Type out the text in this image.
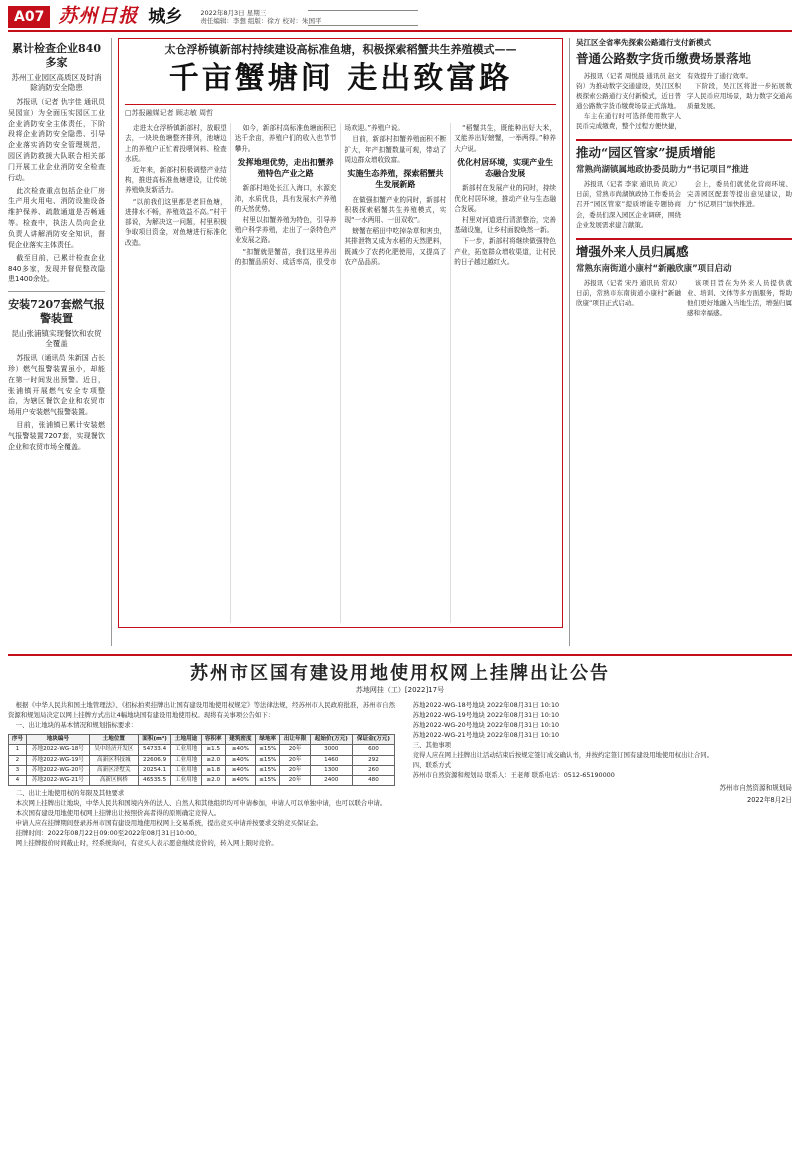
A07 苏州日报 城乡	2022年8月3日 星期三
责任编辑：李想 组版：徐方 校对：朱国平
累计检查企业840多家
苏州工业园区高质区及时消除消防安全隐患

苏报讯（记者 仇宇佳 通讯员 吴园宣）为全面压实园区工业企业消防安全主体责任，下阶段将企业消防安全隐患、引导企业落实消防安全管理规范，园区消防救援大队联合相关部门开展工业企业消防安全检查行动。

此次检查重点包括企业厂房生产用火用电、消防设施设备维护保养、疏散通道是否畅通等。检查中，执法人员向企业负责人讲解消防安全知识，督促企业落实主体责任。

截至目前，已累计检查企业840多家，发现并督促整改隐患1400余处。

安装7207套燃气报警装置
昆山张浦镇实现餐饮和农贸全覆盖

苏报讯（通讯员 朱新国 占长珍）燃气报警装置虽小，却能在第一时间发出预警。近日，张浦镇开展燃气安全专项整治，为辖区餐饮企业和农贸市场用户安装燃气报警装置。

目前，张浦镇已累计安装燃气报警装置7207套，实现餐饮企业和农贸市场全覆盖。

太仓浮桥镇新部村持续建设高标准鱼塘，积极探索稻蟹共生养殖模式——
千亩蟹塘间 走出致富路
□苏报融媒记者 顾志敏 周哲

走进太仓浮桥镇新部村，放眼望去，一块块鱼塘整齐排列，池塘边上的养殖户正忙着投喂饲料、检查水质。

近年来，新部村积极调整产业结构，推进高标准鱼塘建设，让传统养殖焕发新活力。

“以前我们这里都是老旧鱼塘，进排水不畅，养殖效益不高。”村干部说，为解决这一问题，村里积极争取项目资金，对鱼塘进行标准化改造。

如今，新部村高标准鱼塘面积已达千余亩，养殖户们的收入也节节攀升。

发挥地理优势，走出扣蟹养殖特色产业之路

新部村地处长江入海口，水源充沛，水质优良，具有发展水产养殖的天然优势。

村里以扣蟹养殖为特色，引导养殖户科学养殖，走出了一条特色产业发展之路。

“扣蟹就是蟹苗，我们这里养出的扣蟹品质好、成活率高，很受市场欢迎。”养殖户说。

目前，新部村扣蟹养殖面积不断扩大，年产扣蟹数量可观，带动了周边群众增收致富。

实施生态养殖，探索稻蟹共生发展新路

在做强扣蟹产业的同时，新部村积极探索稻蟹共生养殖模式，实现“一水两用、一田双收”。

螃蟹在稻田中吃掉杂草和害虫，其排泄物又成为水稻的天然肥料，既减少了农药化肥使用，又提高了农产品品质。

“稻蟹共生，既能种出好大米，又能养出好螃蟹，一举两得。”种养大户说。

优化村居环境，实现产业生态融合发展

新部村在发展产业的同时，持续优化村居环境，推动产业与生态融合发展。

村里对河道进行清淤整治，完善基础设施，让乡村面貌焕然一新。

下一步，新部村将继续做强特色产业，拓宽群众增收渠道，让村民的日子越过越红火。

吴江区全省率先探索公路通行支付新模式
普通公路数字货币缴费场景落地

苏报讯（记者 周悦晨 通讯员 赵文钧）为推动数字交通建设，吴江区积极探索公路通行支付新模式，近日普通公路数字货币缴费场景正式落地。

车主在通行时可选择使用数字人民币完成缴费，整个过程方便快捷，有效提升了通行效率。

下阶段，吴江区将进一步拓展数字人民币应用场景，助力数字交通高质量发展。

推动“园区管家”提质增能
常熟尚湖镇属地政协委员助力“书记项目”推进

苏报讯（记者 李家 通讯员 黄元）日前，常熟市尚湖镇政协工作委员会召开“园区管家”提质增能专题协商会，委员们深入园区企业调研，围绕企业发展需求建言献策。

会上，委员们就优化营商环境、完善园区配套等提出意见建议，助力“书记项目”加快推进。

增强外来人员归属感
常熟东南街道小康村“新融欣康”项目启动

苏报讯（记者 宋丹 通讯员 常双）日前，常熟市东南街道小康村“新融欣康”项目正式启动。

该项目旨在为外来人员提供就业、培训、文体等多方面服务，帮助他们更好地融入当地生活，增强归属感和幸福感。

苏州市区国有建设用地使用权网上挂牌出让公告
苏地网挂（工）[2022]17号

根据《中华人民共和国土地管理法》、《招标拍卖挂牌出让国有建设用地使用权规定》等法律法规，经苏州市人民政府批准，苏州市自然资源和规划局决定以网上挂牌方式出让4幅地块国有建设用地使用权。现将有关事项公告如下：

一、出让地块的基本情况和规划指标要求：

序号	地块编号	土地位置	面积(m²)	土地用途	容积率	建筑密度	绿地率	出让年限	起始价(万元)	保证金(万元)
1	苏地2022-WG-18号	吴中经济开发区	54733.4	工业用地	≥1.5	≥40%	≤15%	20年	3000	600
2	苏地2022-WG-19号	高新区科技城	22606.9	工业用地	≥2.0	≥40%	≤15%	20年	1460	292
3	苏地2022-WG-20号	高新区浒墅关	20254.1	工业用地	≥1.8	≥40%	≤15%	20年	1300	260
4	苏地2022-WG-21号	高新区枫桥	46535.5	工业用地	≥2.0	≥40%	≤15%	20年	2400	480

二、出让土地使用权的年限及其他要求

本次网上挂牌出让地块，中华人民共和国境内外的法人、自然人和其他组织均可申请参加，申请人可以单独申请，也可以联合申请。

本次国有建设用地使用权网上挂牌出让按照价高者得的原则确定竞得人。

申请人应在挂牌期间登录苏州市国有建设用地使用权网上交易系统，提出竞买申请并按要求交纳竞买保证金。

挂牌时间：2022年08月22日09:00至2022年08月31日10:00。

网上挂牌报价时间截止时，经系统询问，有竞买人表示愿意继续竞价的，转入网上限时竞价。

苏地2022-WG-18号地块 2022年08月31日 10:10

苏地2022-WG-19号地块 2022年08月31日 10:10

苏地2022-WG-20号地块 2022年08月31日 10:10

苏地2022-WG-21号地块 2022年08月31日 10:10

三、其他事项

竞得人应在网上挂牌出让活动结束后按规定签订成交确认书，并按约定签订国有建设用地使用权出让合同。

四、联系方式

苏州市自然资源和规划局 联系人：王老师 联系电话：0512-65190000

苏州市自然资源和规划局
2022年8月2日
